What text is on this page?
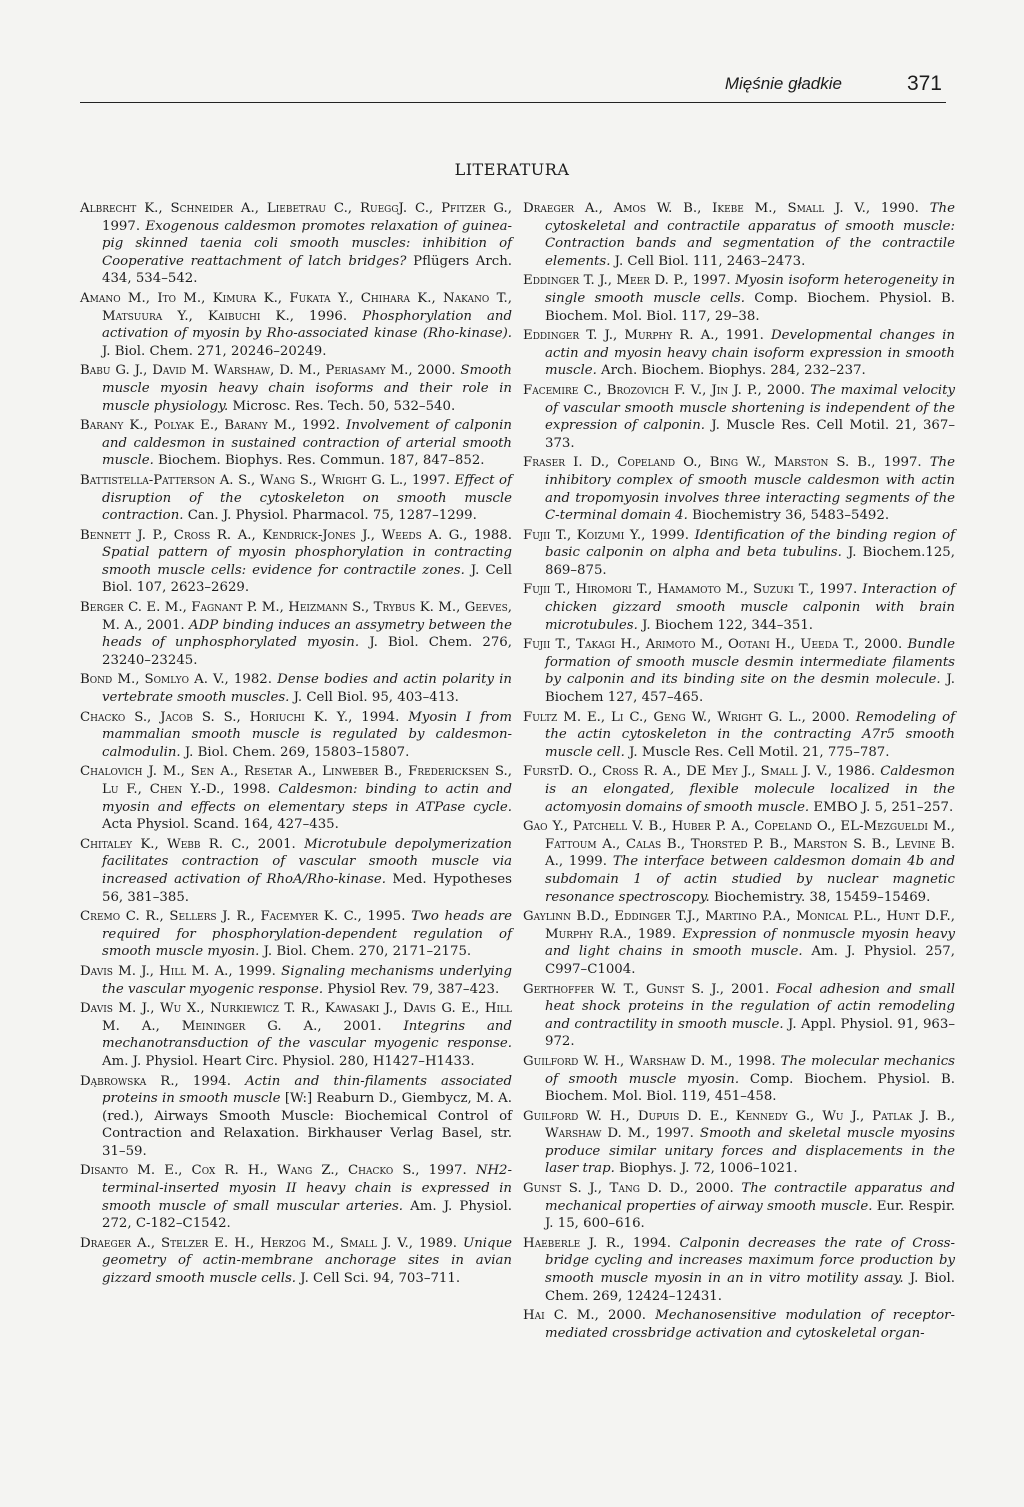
Mięśnie gładkie	371
LITERATURA

Albrecht K., Schneider A., Liebetrau C., RueggJ. C., Pfitzer G., 1997. Exogenous caldesmon promotes relaxation of guinea-pig skinned taenia coli smooth muscles: inhibition of Cooperative reattachment of latch bridges? Pflügers Arch. 434, 534–542.

Amano M., Ito M., Kimura K., Fukata Y., Chihara K., Nakano T., Matsuura Y., Kaibuchi K., 1996. Phosphorylation and activation of myosin by Rho-associated kinase (Rho-kinase). J. Biol. Chem. 271, 20246–20249.

Babu G. J., David M. Warshaw, D. M., Periasamy M., 2000. Smooth muscle myosin heavy chain isoforms and their role in muscle physiology. Microsc. Res. Tech. 50, 532–540.

Barany K., Polyak E., Barany M., 1992. Involvement of calponin and caldesmon in sustained contraction of arterial smooth muscle. Biochem. Biophys. Res. Commun. 187, 847–852.

Battistella-Patterson A. S., Wang S., Wright G. L., 1997. Effect of disruption of the cytoskeleton on smooth muscle contraction. Can. J. Physiol. Pharmacol. 75, 1287–1299.

Bennett J. P., Cross R. A., Kendrick-Jones J., Weeds A. G., 1988. Spatial pattern of myosin phosphorylation in contracting smooth muscle cells: evidence for contractile zones. J. Cell Biol. 107, 2623–2629.

Berger C. E. M., Fagnant P. M., Heizmann S., Trybus K. M., Geeves, M. A., 2001. ADP binding induces an assymetry between the heads of unphosphorylated myosin. J. Biol. Chem. 276, 23240–23245.

Bond M., Somlyo A. V., 1982. Dense bodies and actin polarity in vertebrate smooth muscles. J. Cell Biol. 95, 403–413.

Chacko S., Jacob S. S., Horiuchi K. Y., 1994. Myosin I from mammalian smooth muscle is regulated by caldesmon-calmodulin. J. Biol. Chem. 269, 15803–15807.

Chalovich J. M., Sen A., Resetar A., Linweber B., Fredericksen S., Lu F., Chen Y.-D., 1998. Caldesmon: binding to actin and myosin and effects on elementary steps in ATPase cycle. Acta Physiol. Scand. 164, 427–435.

Chitaley K., Webb R. C., 2001. Microtubule depolymerization facilitates contraction of vascular smooth muscle via increased activation of RhoA/Rho-kinase. Med. Hypotheses 56, 381–385.

Cremo C. R., Sellers J. R., Facemyer K. C., 1995. Two heads are required for phosphorylation-dependent regulation of smooth muscle myosin. J. Biol. Chem. 270, 2171–2175.

Davis M. J., Hill M. A., 1999. Signaling mechanisms underlying the vascular myogenic response. Physiol Rev. 79, 387–423.

Davis M. J., Wu X., Nurkiewicz T. R., Kawasaki J., Davis G. E., Hill M. A., Meininger G. A., 2001. Integrins and mechanotransduction of the vascular myogenic response. Am. J. Physiol. Heart Circ. Physiol. 280, H1427–H1433.

Dąbrowska R., 1994. Actin and thin-filaments associated proteins in smooth muscle [W:] Reaburn D., Giembycz, M. A. (red.), Airways Smooth Muscle: Biochemical Control of Contraction and Relaxation. Birkhauser Verlag Basel, str. 31–59.

Disanto M. E., Cox R. H., Wang Z., Chacko S., 1997. NH2-terminal-inserted myosin II heavy chain is expressed in smooth muscle of small muscular arteries. Am. J. Physiol. 272, C-182–C1542.

Draeger A., Stelzer E. H., Herzog M., Small J. V., 1989. Unique geometry of actin-membrane anchorage sites in avian gizzard smooth muscle cells. J. Cell Sci. 94, 703–711.

Draeger A., Amos W. B., Ikebe M., Small J. V., 1990. The cytoskeletal and contractile apparatus of smooth muscle: Contraction bands and segmentation of the contractile elements. J. Cell Biol. 111, 2463–2473.

Eddinger T. J., Meer D. P., 1997. Myosin isoform heterogeneity in single smooth muscle cells. Comp. Biochem. Physiol. B. Biochem. Mol. Biol. 117, 29–38.

Eddinger T. J., Murphy R. A., 1991. Developmental changes in actin and myosin heavy chain isoform expression in smooth muscle. Arch. Biochem. Biophys. 284, 232–237.

Facemire C., Brozovich F. V., Jin J. P., 2000. The maximal velocity of vascular smooth muscle shortening is independent of the expression of calponin. J. Muscle Res. Cell Motil. 21, 367–373.

Fraser I. D., Copeland O., Bing W., Marston S. B., 1997. The inhibitory complex of smooth muscle caldesmon with actin and tropomyosin involves three interacting segments of the C-terminal domain 4. Biochemistry 36, 5483–5492.

Fujii T., Koizumi Y., 1999. Identification of the binding region of basic calponin on alpha and beta tubulins. J. Biochem.125, 869–875.

Fujii T., Hiromori T., Hamamoto M., Suzuki T., 1997. Interaction of chicken gizzard smooth muscle calponin with brain microtubules. J. Biochem 122, 344–351.

Fujii T., Takagi H., Arimoto M., Ootani H., Ueeda T., 2000. Bundle formation of smooth muscle desmin intermediate filaments by calponin and its binding site on the desmin molecule. J. Biochem 127, 457–465.

Fultz M. E., Li C., Geng W., Wright G. L., 2000. Remodeling of the actin cytoskeleton in the contracting A7r5 smooth muscle cell. J. Muscle Res. Cell Motil. 21, 775–787.

FurstD. O., Cross R. A., DE Mey J., Small J. V., 1986. Caldesmon is an elongated, flexible molecule localized in the actomyosin domains of smooth muscle. EMBO J. 5, 251–257.

Gao Y., Patchell V. B., Huber P. A., Copeland O., EL-Mezgueldi M., Fattoum A., Calas B., Thorsted P. B., Marston S. B., Levine B. A., 1999. The interface between caldesmon domain 4b and subdomain 1 of actin studied by nuclear magnetic resonance spectroscopy. Biochemistry. 38, 15459–15469.

Gaylinn B.D., Eddinger T.J., Martino P.A., Monical P.L., Hunt D.F., Murphy R.A., 1989. Expression of nonmuscle myosin heavy and light chains in smooth muscle. Am. J. Physiol. 257, C997–C1004.

Gerthoffer W. T., Gunst S. J., 2001. Focal adhesion and small heat shock proteins in the regulation of actin remodeling and contractility in smooth muscle. J. Appl. Physiol. 91, 963–972.

Guilford W. H., Warshaw D. M., 1998. The molecular mechanics of smooth muscle myosin. Comp. Biochem. Physiol. B. Biochem. Mol. Biol. 119, 451–458.

Guilford W. H., Dupuis D. E., Kennedy G., Wu J., Patlak J. B., Warshaw D. M., 1997. Smooth and skeletal muscle myosins produce similar unitary forces and displacements in the laser trap. Biophys. J. 72, 1006–1021.

Gunst S. J., Tang D. D., 2000. The contractile apparatus and mechanical properties of airway smooth muscle. Eur. Respir. J. 15, 600–616.

Haeberle J. R., 1994. Calponin decreases the rate of Cross-bridge cycling and increases maximum force production by smooth muscle myosin in an in vitro motility assay. J. Biol. Chem. 269, 12424–12431.

Hai C. M., 2000. Mechanosensitive modulation of receptor-mediated crossbridge activation and cytoskeletal organ-
